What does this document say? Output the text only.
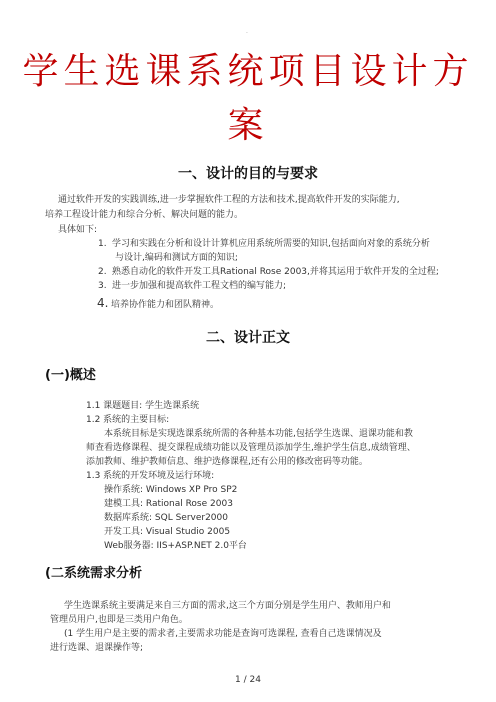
·
学生选课系统项目设计方
案
一、设计的目的与要求
通过软件开发的实践训练,进一步掌握软件工程的方法和技术,提高软件开发的实际能力,
培养工程设计能力和综合分析、解决问题的能力。
具体如下:
1. 学习和实践在分析和设计计算机应用系统所需要的知识,包括面向对象的系统分析
与设计,编码和测试方面的知识;
2. 熟悉自动化的软件开发工具Rational Rose 2003,并将其运用于软件开发的全过程;
3. 进一步加强和提高软件工程文档的编写能力;
4. 培养协作能力和团队精神。
二、设计正文
(一)概述
1.1 课题题目: 学生选课系统
1.2 系统的主要目标:
本系统目标是实现选课系统所需的各种基本功能,包括学生选课、退课功能和教
师查看选修课程、提交课程成绩功能以及管理员添加学生,维护学生信息,成绩管理、
添加教师、维护教师信息、维护选修课程,还有公用的修改密码等功能。
1.3 系统的开发环境及运行环境:
操作系统: Windows XP Pro SP2
建模工具: Rational Rose 2003
数据库系统: SQL Server2000
开发工具: Visual Studio 2005
Web服务器: IIS+ASP.NET 2.0平台
(二系统需求分析
学生选课系统主要满足来自三方面的需求,这三个方面分别是学生用户、教师用户和
管理员用户,也即是三类用户角色。
(1 学生用户是主要的需求者,主要需求功能是查询可选课程, 查看自己选课情况及
进行选课、退课操作等;
1 / 24
